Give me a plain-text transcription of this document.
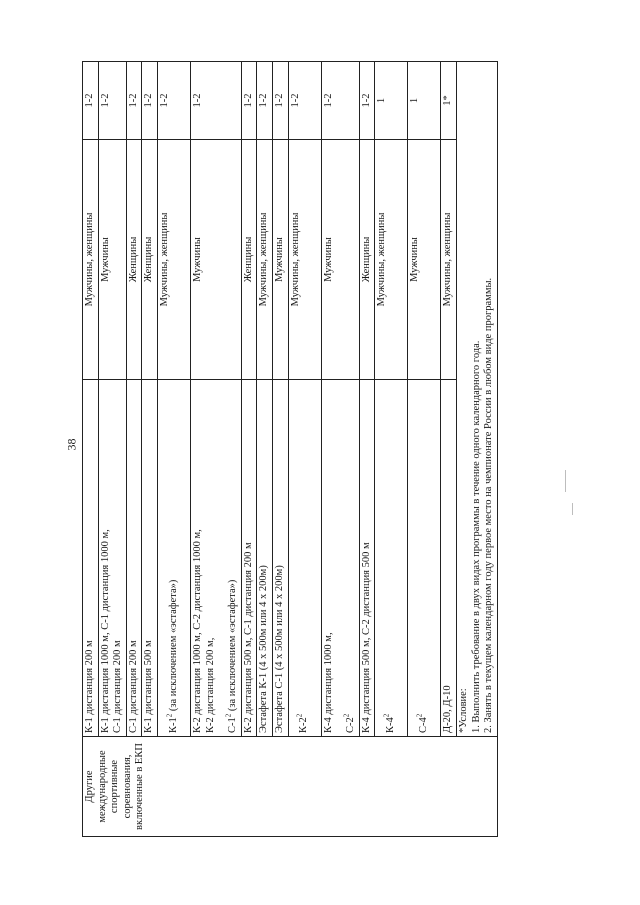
38
Другие международные спортивные соревнования, включенные в ЕКП	К-1 дистанция 200 м	Мужчины, женщины	1-2

	К-1 дистанция 1000 м, С-1 дистанция 1000 м, С-1 дистанция 200 м	Мужчины	1-2

	С-1 дистанция 200 м	Женщины	1-2

	К-1 дистанция 500 м	Женщины	1-2

	$К-1^2$ (за исключением «эстафета»)	Мужчины, женщины	1-2

	К-2 дистанция 1000 м, С-2 дистанция 1000 м, К-2 дистанция 200 м, $С-1^2$ (за исключением «эстафета»)	Мужчины	1-2

	К-2 дистанция 500 м, С-1 дистанция 200 м	Женщины	1-2

	Эстафета К-1 (4 х 500м или 4 х 200м)	Мужчины, женщины	1-2

	Эстафета С-1 (4 х 500м или 4 х 200м)	Мужчины	1-2

	$К-2^2$	Мужчины, женщины	1-2

	К-4 дистанция 1000 м, $С-2^2$	Мужчины	1-2

	К-4 дистанция 500 м, С-2 дистанция 500 м	Женщины	1-2

	$К-4^2$	Мужчины, женщины	1

	$С-4^2$	Мужчины	1

	Д-20, Д-10	Мужчины, женщины	1*

	*Условие: 1. Выполнить требование в двух видах программы в течение одного календарного года. 2. Занять в текущем календарном году первое место на чемпионате России в любом виде программы.		
